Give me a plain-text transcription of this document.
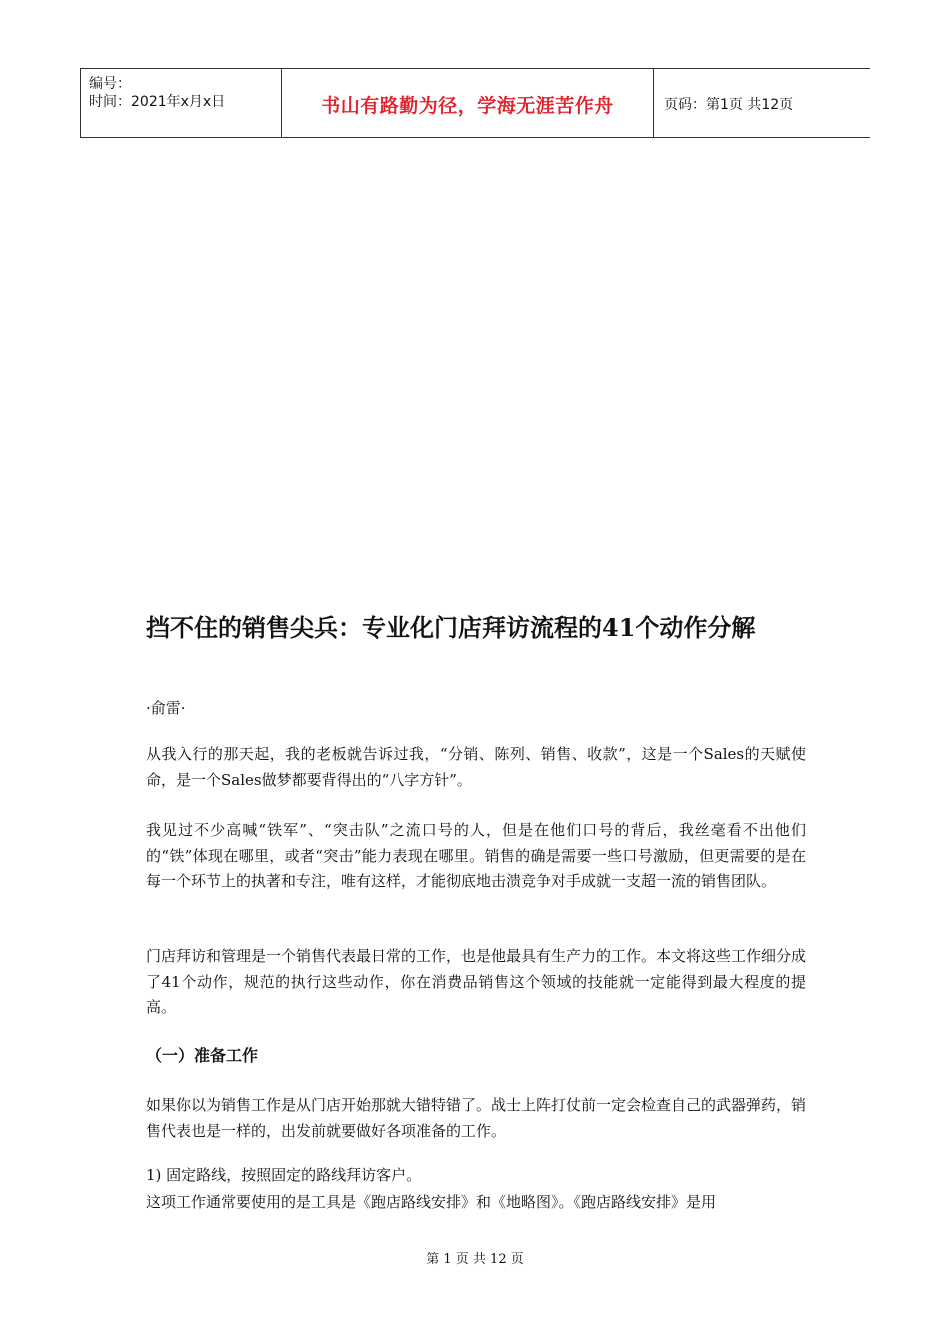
编号：
时间：2021年x月x日	书山有路勤为径，学海无涯苦作舟	页码：第1页 共12页
挡不住的销售尖兵：专业化门店拜访流程的41个动作分解
·俞雷·
从我入行的那天起，我的老板就告诉过我，“分销、陈列、销售、收款”，这是一个Sales的天赋使命，是一个Sales做梦都要背得出的“八字方针”。
我见过不少高喊“铁军”、“突击队”之流口号的人，但是在他们口号的背后，我丝毫看不出他们的“铁”体现在哪里，或者“突击”能力表现在哪里。销售的确是需要一些口号激励，但更需要的是在每一个环节上的执著和专注，唯有这样，才能彻底地击溃竞争对手成就一支超一流的销售团队。
门店拜访和管理是一个销售代表最日常的工作，也是他最具有生产力的工作。本文将这些工作细分成了41个动作，规范的执行这些动作，你在消费品销售这个领域的技能就一定能得到最大程度的提高。
（一）准备工作
如果你以为销售工作是从门店开始那就大错特错了。战士上阵打仗前一定会检查自己的武器弹药，销售代表也是一样的，出发前就要做好各项准备的工作。
1) 固定路线，按照固定的路线拜访客户。
这项工作通常要使用的是工具是《跑店路线安排》和《地略图》。《跑店路线安排》是用
第 1 页 共 12 页
